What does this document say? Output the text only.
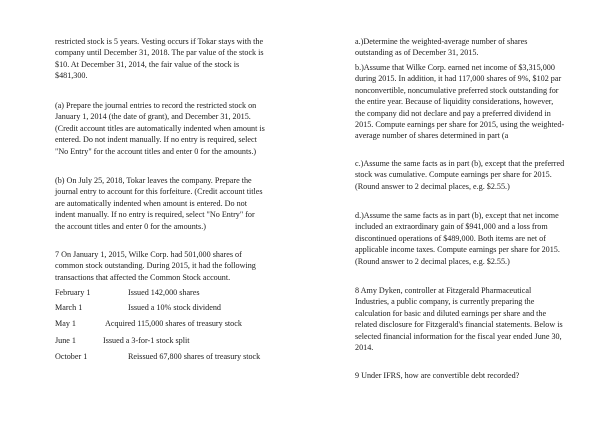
restricted stock is 5 years. Vesting occurs if Tokar stays with the
company until December 31, 2018. The par value of the stock is
$10. At December 31, 2014, the fair value of the stock is
$481,300.
(a) Prepare the journal entries to record the restricted stock on
January 1, 2014 (the date of grant), and December 31, 2015.
(Credit account titles are automatically indented when amount is
entered. Do not indent manually. If no entry is required, select
"No Entry" for the account titles and enter 0 for the amounts.)
(b) On July 25, 2018, Tokar leaves the company. Prepare the
journal entry to account for this forfeiture. (Credit account titles
are automatically indented when amount is entered. Do not
indent manually. If no entry is required, select "No Entry" for
the account titles and enter 0 for the amounts.)
7 On January 1, 2015, Wilke Corp. had 501,000 shares of
common stock outstanding. During 2015, it had the following
transactions that affected the Common Stock account.
February 1	Issued 142,000 shares
March 1	Issued a 10% stock dividend
May 1	Acquired 115,000 shares of treasury stock
June 1	Issued a 3-for-1 stock split
October 1	Reissued 67,800 shares of treasury stock
a.)Determine the weighted-average number of shares
outstanding as of December 31, 2015.
b.)Assume that Wilke Corp. earned net income of $3,315,000
during 2015. In addition, it had 117,000 shares of 9%, $102 par
nonconvertible, noncumulative preferred stock outstanding for
the entire year. Because of liquidity considerations, however,
the company did not declare and pay a preferred dividend in
2015. Compute earnings per share for 2015, using the weighted-
average number of shares determined in part (a
c.)Assume the same facts as in part (b), except that the preferred
stock was cumulative. Compute earnings per share for 2015.
(Round answer to 2 decimal places, e.g. $2.55.)
d.)Assume the same facts as in part (b), except that net income
included an extraordinary gain of $941,000 and a loss from
discontinued operations of $489,000. Both items are net of
applicable income taxes. Compute earnings per share for 2015.
(Round answer to 2 decimal places, e.g. $2.55.)
8 Amy Dyken, controller at Fitzgerald Pharmaceutical
Industries, a public company, is currently preparing the
calculation for basic and diluted earnings per share and the
related disclosure for Fitzgerald's financial statements. Below is
selected financial information for the fiscal year ended June 30,
2014.
9 Under IFRS, how are convertible debt recorded?
